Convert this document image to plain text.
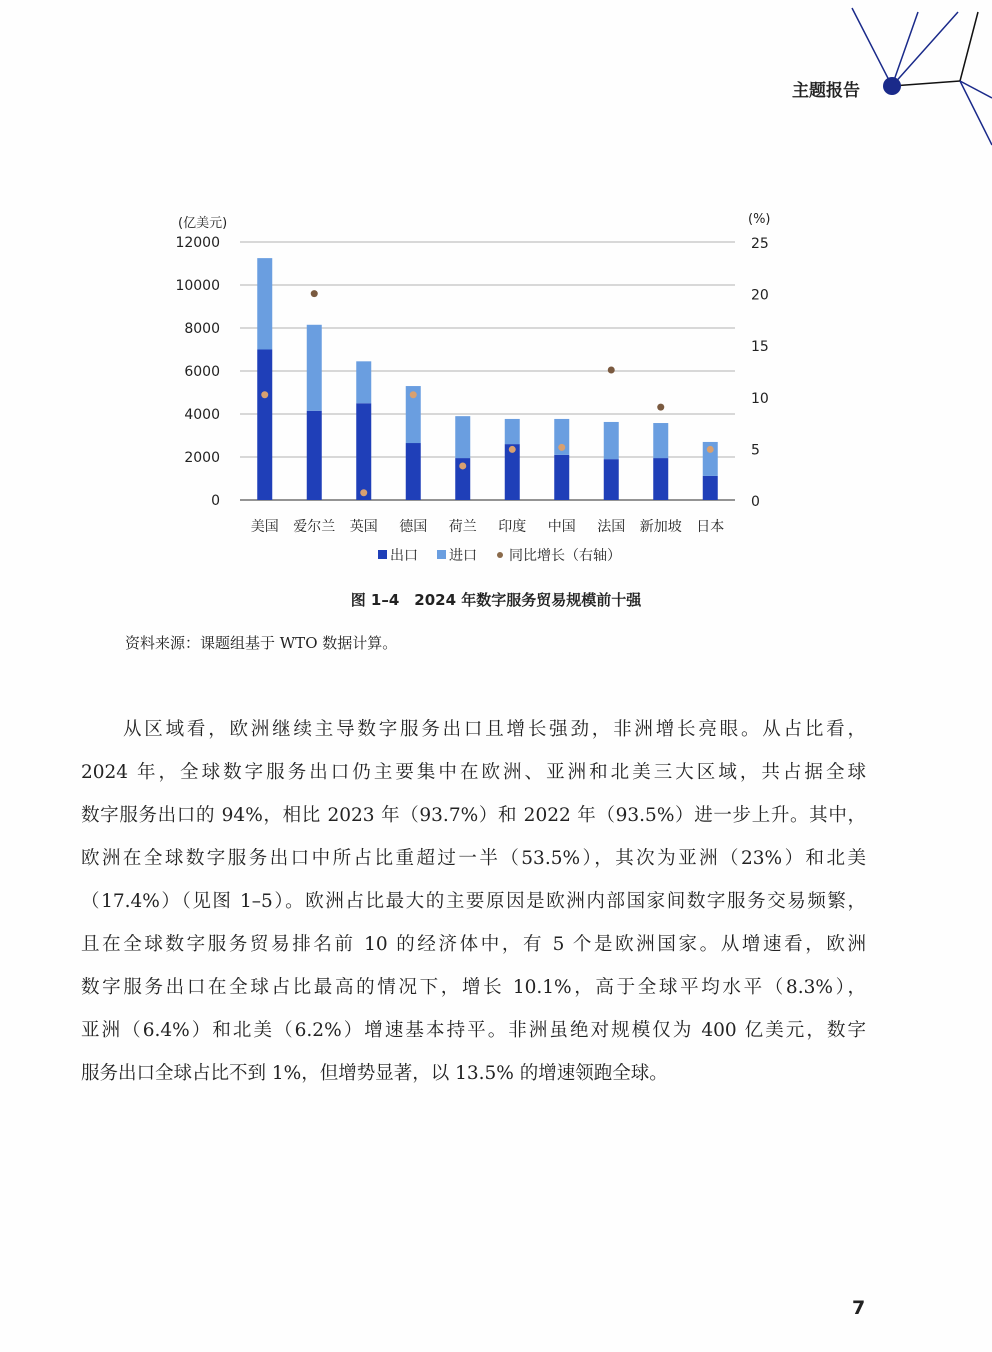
主题报告
0
2000
4000
6000
8000
10000
12000
0
5
10
15
20
25
(亿美元)	(%)
美国 爱尔兰 英国 德国 荷兰 印度 中国 法国 新加坡 日本
出口 进口 同比增长（右轴）
图 1–4　2024 年数字服务贸易规模前十强
资料来源：课题组基于 WTO 数据计算。
从区域看，欧洲继续主导数字服务出口且增长强劲，非洲增长亮眼。从占比看，
2024 年，全球数字服务出口仍主要集中在欧洲、亚洲和北美三大区域，共占据全球
数字服务出口的 94%，相比 2023 年（93.7%）和 2022 年（93.5%）进一步上升。其中，
欧洲在全球数字服务出口中所占比重超过一半（53.5%），其次为亚洲（23%）和北美
（17.4%）（见图 1–5）。欧洲占比最大的主要原因是欧洲内部国家间数字服务交易频繁，
且在全球数字服务贸易排名前 10 的经济体中，有 5 个是欧洲国家。从增速看，欧洲
数字服务出口在全球占比最高的情况下，增长 10.1%，高于全球平均水平（8.3%），
亚洲（6.4%）和北美（6.2%）增速基本持平。非洲虽绝对规模仅为 400 亿美元，数字
服务出口全球占比不到 1%，但增势显著，以 13.5% 的增速领跑全球。
7
